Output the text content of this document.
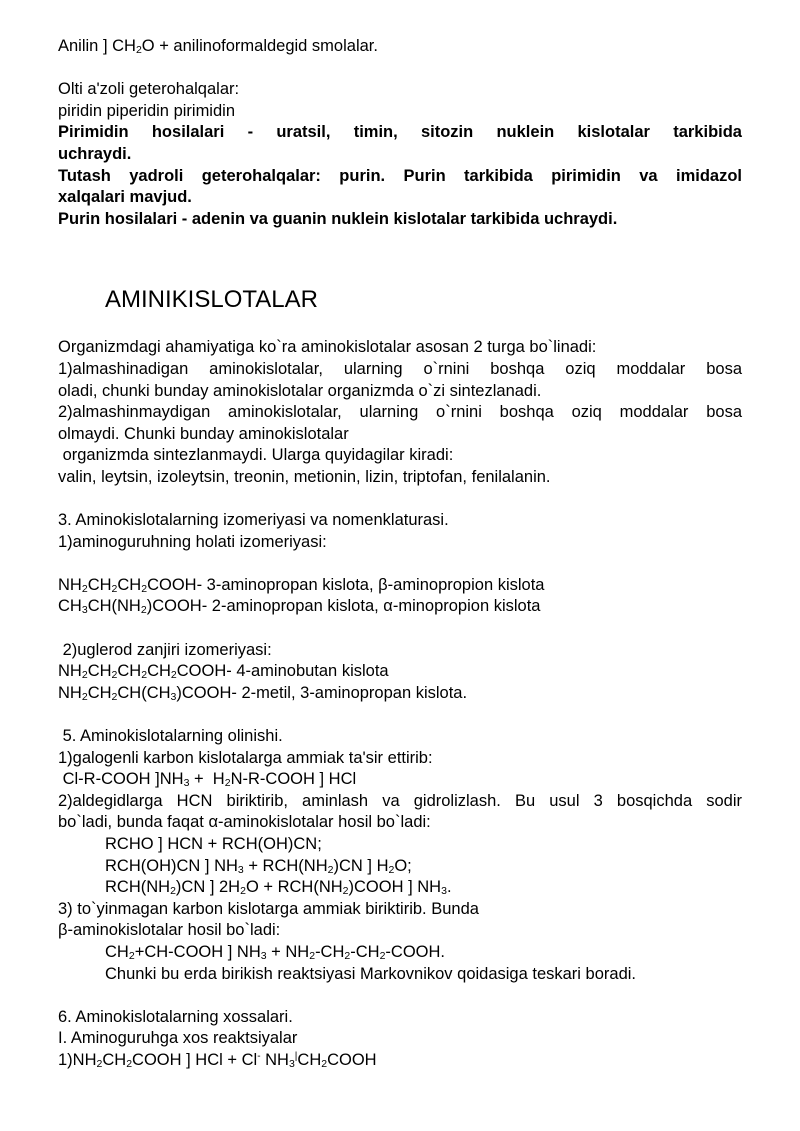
Anilin ] $CH_2O$ + anilinoformaldegid smolalar.
Olti a'zoli geterohalqalar:
piridin piperidin pirimidin
Pirimidin hosilalari - uratsil, timin, sitozin nuklein kislotalar tarkibida
uchraydi.
Tutash yadroli geterohalqalar: purin. Purin tarkibida pirimidin va imidazol
xalqalari mavjud.
Purin hosilalari - adenin va guanin nuklein kislotalar tarkibida uchraydi.
AMINIKISLOTALAR
Organizmdagi ahamiyatiga ko`ra aminokislotalar asosan 2 turga bo`linadi:
1)almashinadigan aminokislotalar, ularning o`rnini boshqa oziq moddalar bosa
oladi, chunki bunday aminokislotalar organizmda o`zi sintezlanadi.
2)almashinmaydigan aminokislotalar, ularning o`rnini boshqa oziq moddalar bosa
olmaydi. Chunki bunday aminokislotalar
organizmda sintezlanmaydi. Ularga quyidagilar kiradi:
valin, leytsin, izoleytsin, treonin, metionin, lizin, triptofan, fenilalanin.
3. Aminokislotalarning izomeriyasi va nomenklaturasi.
1)aminoguruhning holati izomeriyasi:
$NH_2CH_2CH_2COOH-$ 3-aminopropan kislota, β-aminopropion kislota
$CH_3CH(NH_2)COOH-$ 2-aminopropan kislota, α-minopropion kislota
2)uglerod zanjiri izomeriyasi:
$NH_2CH_2CH_2CH_2COOH-$ 4-aminobutan kislota
$NH_2CH_2CH(CH_3)COOH-$ 2-metil, 3-aminopropan kislota.
5. Aminokislotalarning olinishi.
1)galogenli karbon kislotalarga ammiak ta'sir ettirib:
Cl-R-COOH ]$NH_3$ +  $H_2N-R$-COOH ] HCl
2)aldegidlarga HCN biriktirib, aminlash va gidrolizlash. Bu usul 3 bosqichda sodir
bo`ladi, bunda faqat α-aminokislotalar hosil bo`ladi:
RCHO ] HCN + RCH(OH)CN;
RCH(OH)CN ] $NH_3 + RCH(NH_2)CN$ ] $H_2O$;
$RCH(NH_2)CN$ ] $2H_2O$ + $RCH(NH_2)COOH$ ] $NH_3$.
3) to`yinmagan karbon kislotarga ammiak biriktirib. Bunda
β-aminokislotalar hosil bo`ladi:
$CH_2+CH$-COOH ] $NH_3$ + $NH_2-CH_2-CH_2$-COOH.
Chunki bu erda birikish reaktsiyasi Markovnikov qoidasiga teskari boradi.
6. Aminokislotalarning xossalari.
I. Aminoguruhga xos reaktsiyalar
$1)NH_2CH_2COOH$ ] HCl + Cl- $NH_3^|CH_2COOH$
